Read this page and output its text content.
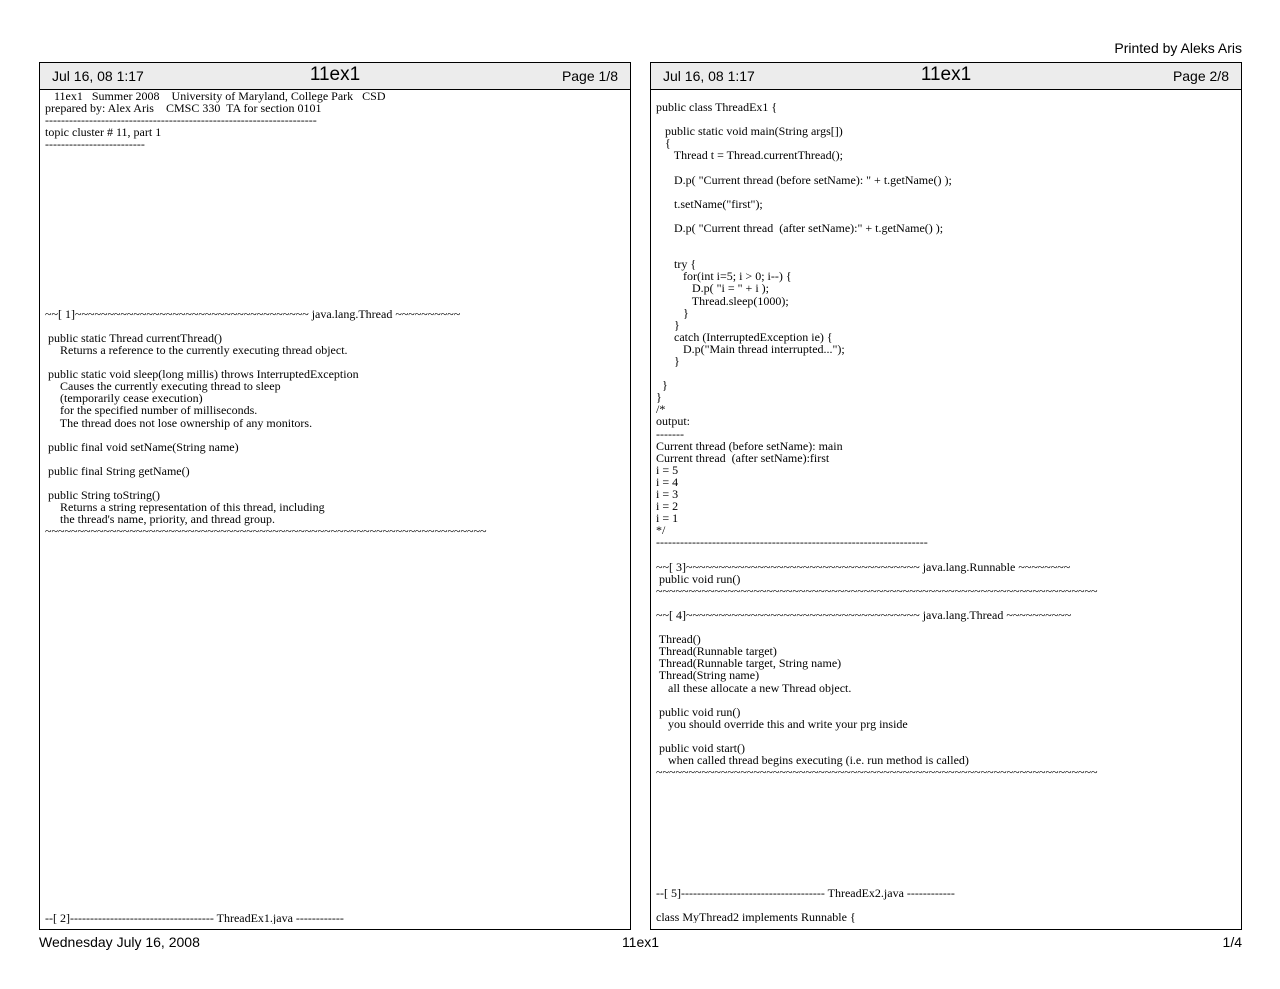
Printed by Aleks Aris
Jul 16, 08 1:17	11ex1	Page 1/8
11ex1   Summer 2008    University of Maryland, College Park   CSD
prepared by: Alex Aris    CMSC 330  TA for section 0101
--------------------------------------------------------------------
topic cluster # 11, part 1
-------------------------

~~[ 1]~~~~~~~~~~~~~~~~~~~~~~~~~~~~~~~~~~~~ java.lang.Thread ~~~~~~~~~~

public static Thread currentThread()
Returns a reference to the currently executing thread object.

public static void sleep(long millis) throws InterruptedException
Causes the currently executing thread to sleep
(temporarily cease execution)
for the specified number of milliseconds.
The thread does not lose ownership of any monitors.

public final void setName(String name)

public final String getName()

public String toString()
Returns a string representation of this thread, including
the thread's name, priority, and thread group.
~~~~~~~~~~~~~~~~~~~~~~~~~~~~~~~~~~~~~~~~~~~~~~~~~~~~~~~~~~~~~~~~~~~~

--[ 2]------------------------------------ ThreadEx1.java ------------

Jul 16, 08 1:17	11ex1	Page 2/8
public class ThreadEx1 {

public static void main(String args[])
{
Thread t = Thread.currentThread();

D.p( "Current thread (before setName): " + t.getName() );

t.setName("first");

D.p( "Current thread  (after setName):" + t.getName() );

try {
for(int i=5; i > 0; i--) {
D.p( "i = " + i );
Thread.sleep(1000);
}
}
catch (InterruptedException ie) {
D.p("Main thread interrupted...");
}

}
}
/*
output:
-------
Current thread (before setName): main
Current thread  (after setName):first
i = 5
i = 4
i = 3
i = 2
i = 1
*/
--------------------------------------------------------------------

~~[ 3]~~~~~~~~~~~~~~~~~~~~~~~~~~~~~~~~~~~~ java.lang.Runnable ~~~~~~~~
public void run()
~~~~~~~~~~~~~~~~~~~~~~~~~~~~~~~~~~~~~~~~~~~~~~~~~~~~~~~~~~~~~~~~~~~~

~~[ 4]~~~~~~~~~~~~~~~~~~~~~~~~~~~~~~~~~~~~ java.lang.Thread ~~~~~~~~~~

Thread()
Thread(Runnable target)
Thread(Runnable target, String name)
Thread(String name)
all these allocate a new Thread object.

public void run()
you should override this and write your prg inside

public void start()
when called thread begins executing (i.e. run method is called)
~~~~~~~~~~~~~~~~~~~~~~~~~~~~~~~~~~~~~~~~~~~~~~~~~~~~~~~~~~~~~~~~~~~~

--[ 5]------------------------------------ ThreadEx2.java ------------

class MyThread2 implements Runnable {

Wednesday July 16, 2008	11ex1	1/4
